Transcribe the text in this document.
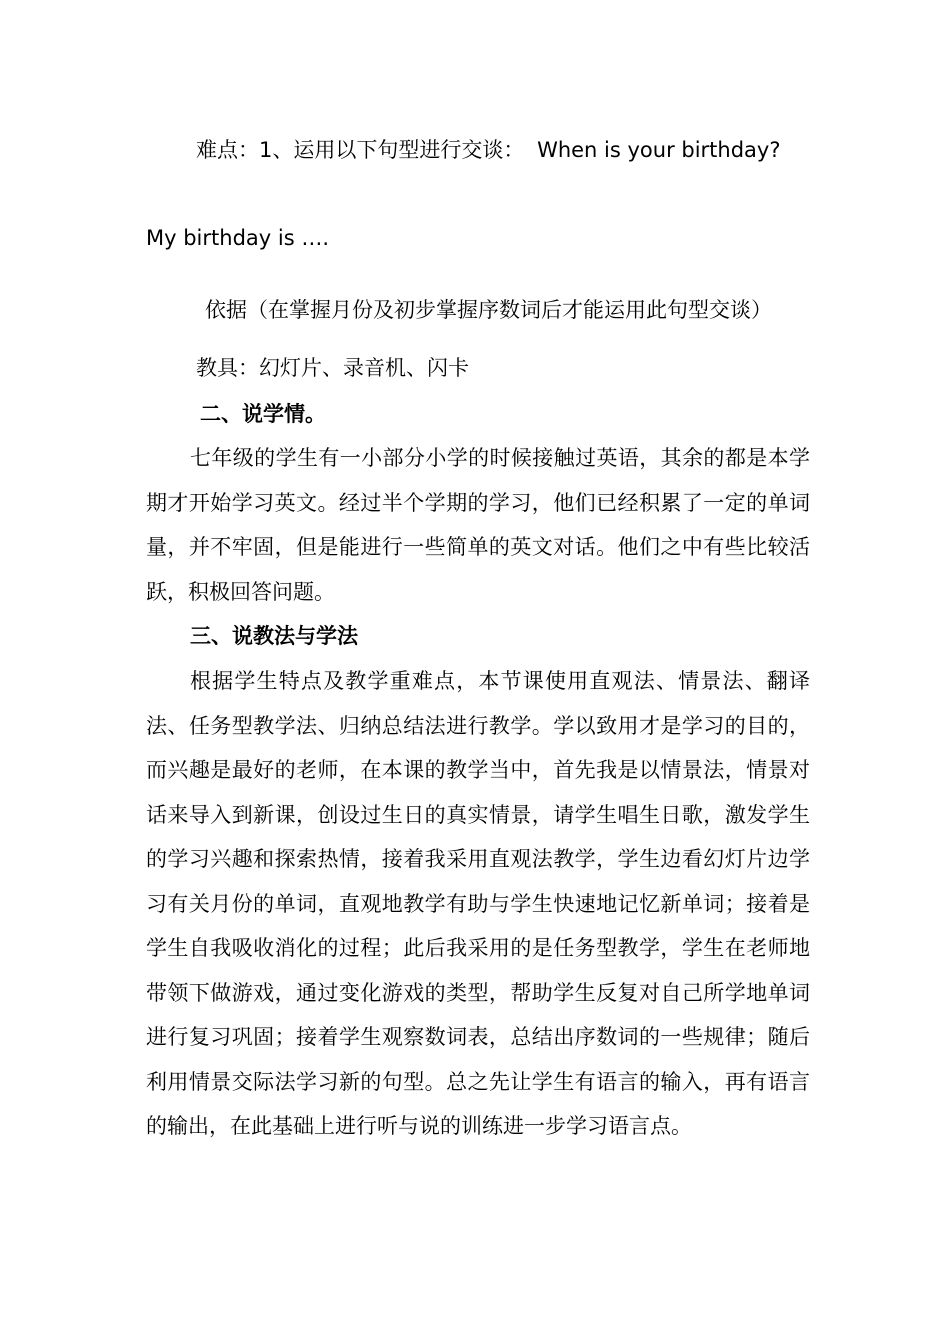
难点：1、运用以下句型进行交谈： When is your birthday?
My birthday is ….
依据（在掌握月份及初步掌握序数词后才能运用此句型交谈）
教具：幻灯片、录音机、闪卡
二、说学情。

七年级的学生有一小部分小学的时候接触过英语，其余的都是本学期才开始学习英文。经过半个学期的学习，他们已经积累了一定的单词量，并不牢固，但是能进行一些简单的英文对话。他们之中有些比较活跃，积极回答问题。

三、说教法与学法

根据学生特点及教学重难点，本节课使用直观法、情景法、翻译法、任务型教学法、归纳总结法进行教学。学以致用才是学习的目的，而兴趣是最好的老师，在本课的教学当中，首先我是以情景法，情景对话来导入到新课，创设过生日的真实情景，请学生唱生日歌，激发学生的学习兴趣和探索热情，接着我采用直观法教学，学生边看幻灯片边学习有关月份的单词，直观地教学有助与学生快速地记忆新单词；接着是学生自我吸收消化的过程；此后我采用的是任务型教学，学生在老师地带领下做游戏，通过变化游戏的类型，帮助学生反复对自己所学地单词进行复习巩固；接着学生观察数词表，总结出序数词的一些规律；随后利用情景交际法学习新的句型。总之先让学生有语言的输入，再有语言的输出，在此基础上进行听与说的训练进一步学习语言点。
